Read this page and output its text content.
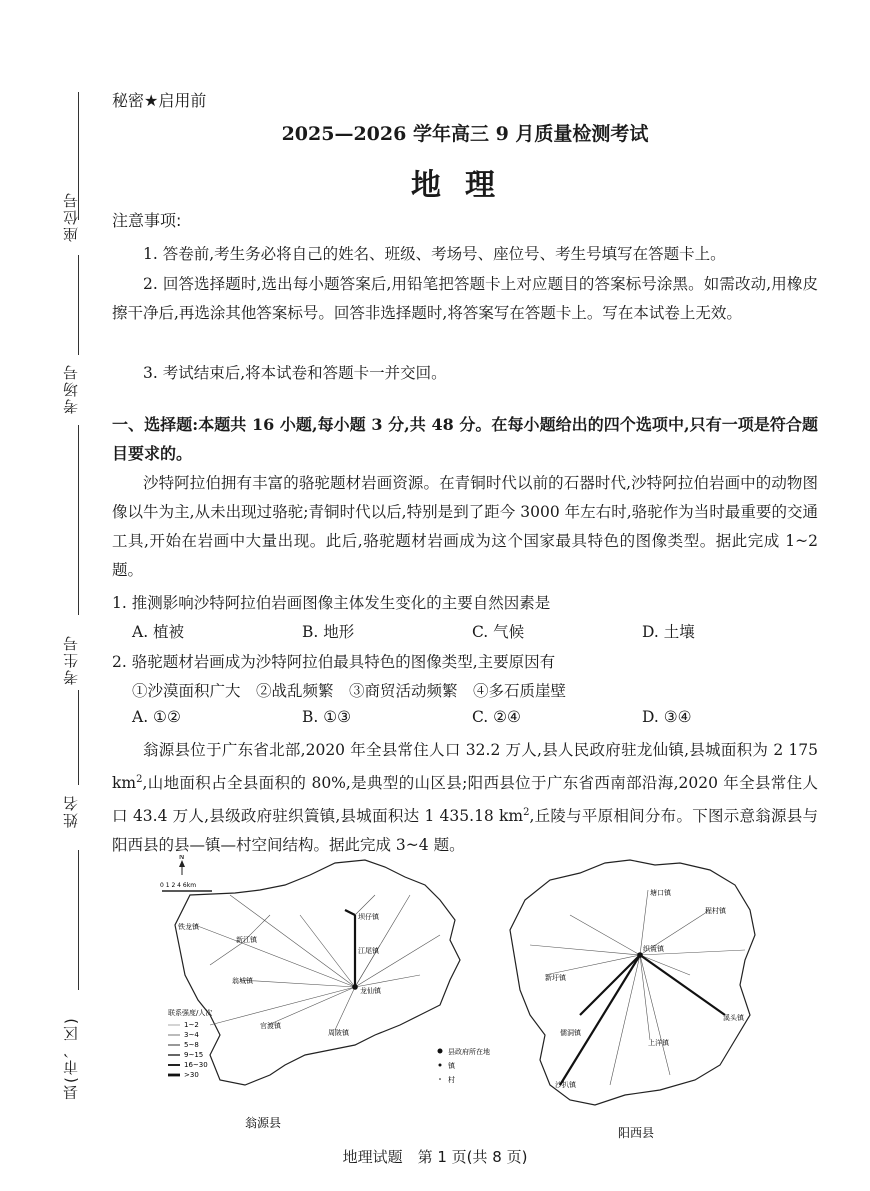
座位号
考场号
考生号
姓名
县(市、区)
秘密★启用前
2025—2026 学年高三 9 月质量检测考试
地理
注意事项:
1. 答卷前,考生务必将自己的姓名、班级、考场号、座位号、考生号填写在答题卡上。
2. 回答选择题时,选出每小题答案后,用铅笔把答题卡上对应题目的答案标号涂黑。如需改动,用橡皮擦干净后,再选涂其他答案标号。回答非选择题时,将答案写在答题卡上。写在本试卷上无效。
3. 考试结束后,将本试卷和答题卡一并交回。
一、选择题:本题共 16 小题,每小题 3 分,共 48 分。在每小题给出的四个选项中,只有一项是符合题目要求的。
沙特阿拉伯拥有丰富的骆驼题材岩画资源。在青铜时代以前的石器时代,沙特阿拉伯岩画中的动物图像以牛为主,从未出现过骆驼;青铜时代以后,特别是到了距今 3000 年左右时,骆驼作为当时最重要的交通工具,开始在岩画中大量出现。此后,骆驼题材岩画成为这个国家最具特色的图像类型。据此完成 1~2 题。
1. 推测影响沙特阿拉伯岩画图像主体发生变化的主要自然因素是
A. 植被	B. 地形	C. 气候	D. 土壤
2. 骆驼题材岩画成为沙特阿拉伯最具特色的图像类型,主要原因有
①沙漠面积广大　②战乱频繁　③商贸活动频繁　④多石质崖壁
A. ①②	B. ①③	C. ②④	D. ③④
翁源县位于广东省北部,2020 年全县常住人口 32.2 万人,县人民政府驻龙仙镇,县城面积为 2 175 $km^2$,山地面积占全县面积的 80%,是典型的山区县;阳西县位于广东省西南部沿海,2020 年全县常住人口 43.4 万人,县级政府驻织篢镇,县城面积达 1 435.18 $km^2$,丘陵与平原相间分布。下图示意翁源县与阳西县的县—镇—村空间结构。据此完成 3~4 题。
N
0 1 2 4 6km
铁龙镇
新江镇
坝仔镇
江尾镇
翁城镇
龙仙镇
官渡镇
周陂镇
联系强度/人次
1~2
3~4
5~8
9~15
16~30
>30
县政府所在地
镇
村
翁源县
塘口镇
程村镇
织篢镇
新圩镇
溪头镇
儒洞镇
上洋镇
沙扒镇
阳西县
地理试题　第 1 页(共 8 页)
